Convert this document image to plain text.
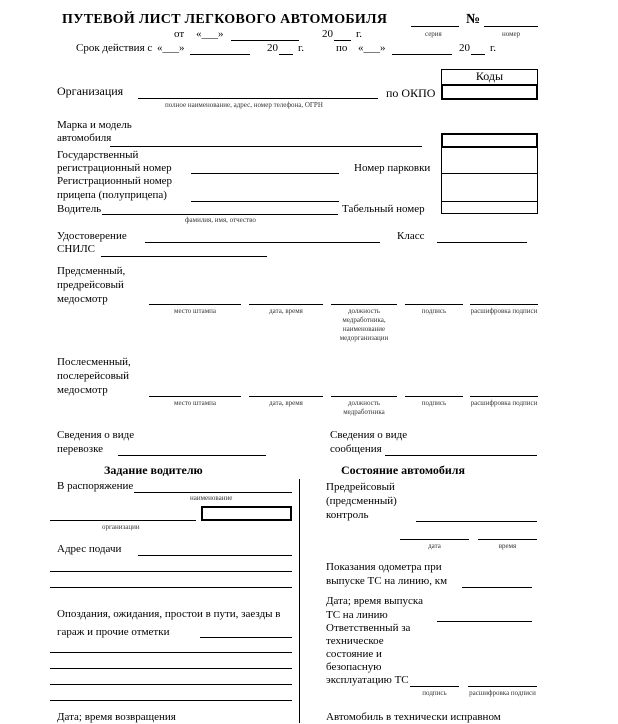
ПУТЕВОЙ ЛИСТ ЛЕГКОВОГО АВТОМОБИЛЯ	№
серия	номер
от «___»	20 г.
Срок действия с «___»	20 г.	по «___»	20 г.
Коды
Организация
полное наименование, адрес, номер телефона, ОГРН
по ОКПО
Марка и модель
автомобиля
Государственный
регистрационный номер	Номер парковки
Регистрационный номер
прицепа (полуприцепа)
Водитель
фамилия, имя, отчество
Табельный номер
Удостоверение	Класс
СНИЛС
Предсменный,
предрейсовый
медосмотр
место штампа	дата, время	должность медработника, наименование медорганизации
подпись	расшифровка подписи
Послесменный,
послерейсовый
медосмотр
место штампа	дата, время	должность медработника
подпись	расшифровка подписи
Сведения о виде
перевозке
Сведения о виде
сообщения
Задание водителю	Состояние автомобиля
В распоряжение
наименование
организации
Адрес подачи
Опоздания, ожидания, простои в пути, заезды в
гараж и прочие отметки
Дата; время возвращения
Предрейсовый
(предсменный)
контроль
дата	время
Показания одометра при
выпуске ТС на линию, км
Дата; время выпуска
ТС на линию
Ответственный за
техническое
состояние и
безопасную
эксплуатацию ТС
подпись	расшифровка подписи
Автомобиль в технически исправном
